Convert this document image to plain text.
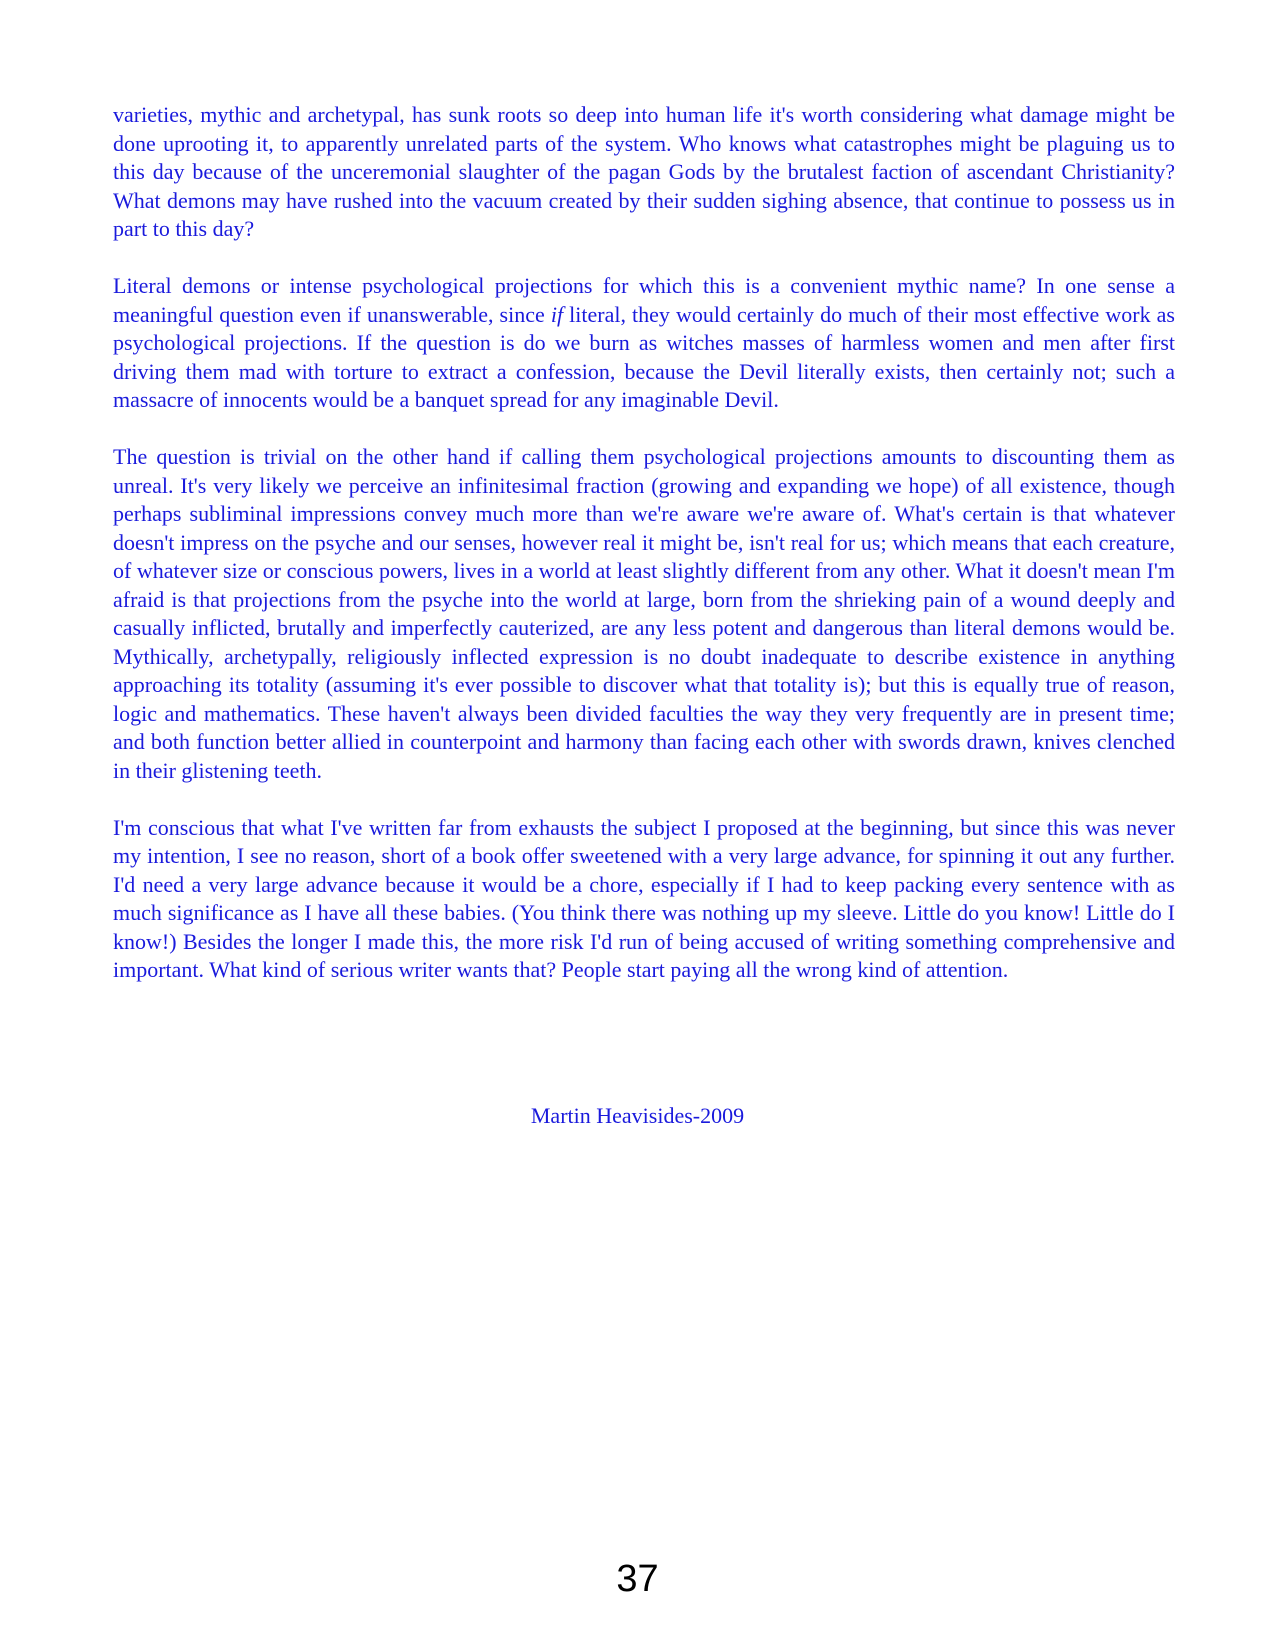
varieties, mythic and archetypal, has sunk roots so deep into human life it's worth considering what damage might be done uprooting it, to apparently unrelated parts of the system. Who knows what catastrophes might be plaguing us to this day because of the unceremonial slaughter of the pagan Gods by the brutalest faction of ascendant Christianity? What demons may have rushed into the vacuum created by their sudden sighing absence, that continue to possess us in part to this day?

Literal demons or intense psychological projections for which this is a convenient mythic name? In one sense a meaningful question even if unanswerable, since if literal, they would certainly do much of their most effective work as psychological projections. If the question is do we burn as witches masses of harmless women and men after first driving them mad with torture to extract a confession, because the Devil literally exists, then certainly not; such a massacre of innocents would be a banquet spread for any imaginable Devil.

The question is trivial on the other hand if calling them psychological projections amounts to discounting them as unreal. It's very likely we perceive an infinitesimal fraction (growing and expanding we hope) of all existence, though perhaps subliminal impressions convey much more than we're aware we're aware of. What's certain is that whatever doesn't impress on the psyche and our senses, however real it might be, isn't real for us; which means that each creature, of whatever size or conscious powers, lives in a world at least slightly different from any other. What it doesn't mean I'm afraid is that projections from the psyche into the world at large, born from the shrieking pain of a wound deeply and casually inflicted, brutally and imperfectly cauterized, are any less potent and dangerous than literal demons would be. Mythically, archetypally, religiously inflected expression is no doubt inadequate to describe existence in anything approaching its totality (assuming it's ever possible to discover what that totality is); but this is equally true of reason, logic and mathematics. These haven't always been divided faculties the way they very frequently are in present time; and both function better allied in counterpoint and harmony than facing each other with swords drawn, knives clenched in their glistening teeth.

I'm conscious that what I've written far from exhausts the subject I proposed at the beginning, but since this was never my intention, I see no reason, short of a book offer sweetened with a very large advance, for spinning it out any further. I'd need a very large advance because it would be a chore, especially if I had to keep packing every sentence with as much significance as I have all these babies. (You think there was nothing up my sleeve. Little do you know! Little do I know!) Besides the longer I made this, the more risk I'd run of being accused of writing something comprehensive and important. What kind of serious writer wants that? People start paying all the wrong kind of attention.

Martin Heavisides-2009
37
